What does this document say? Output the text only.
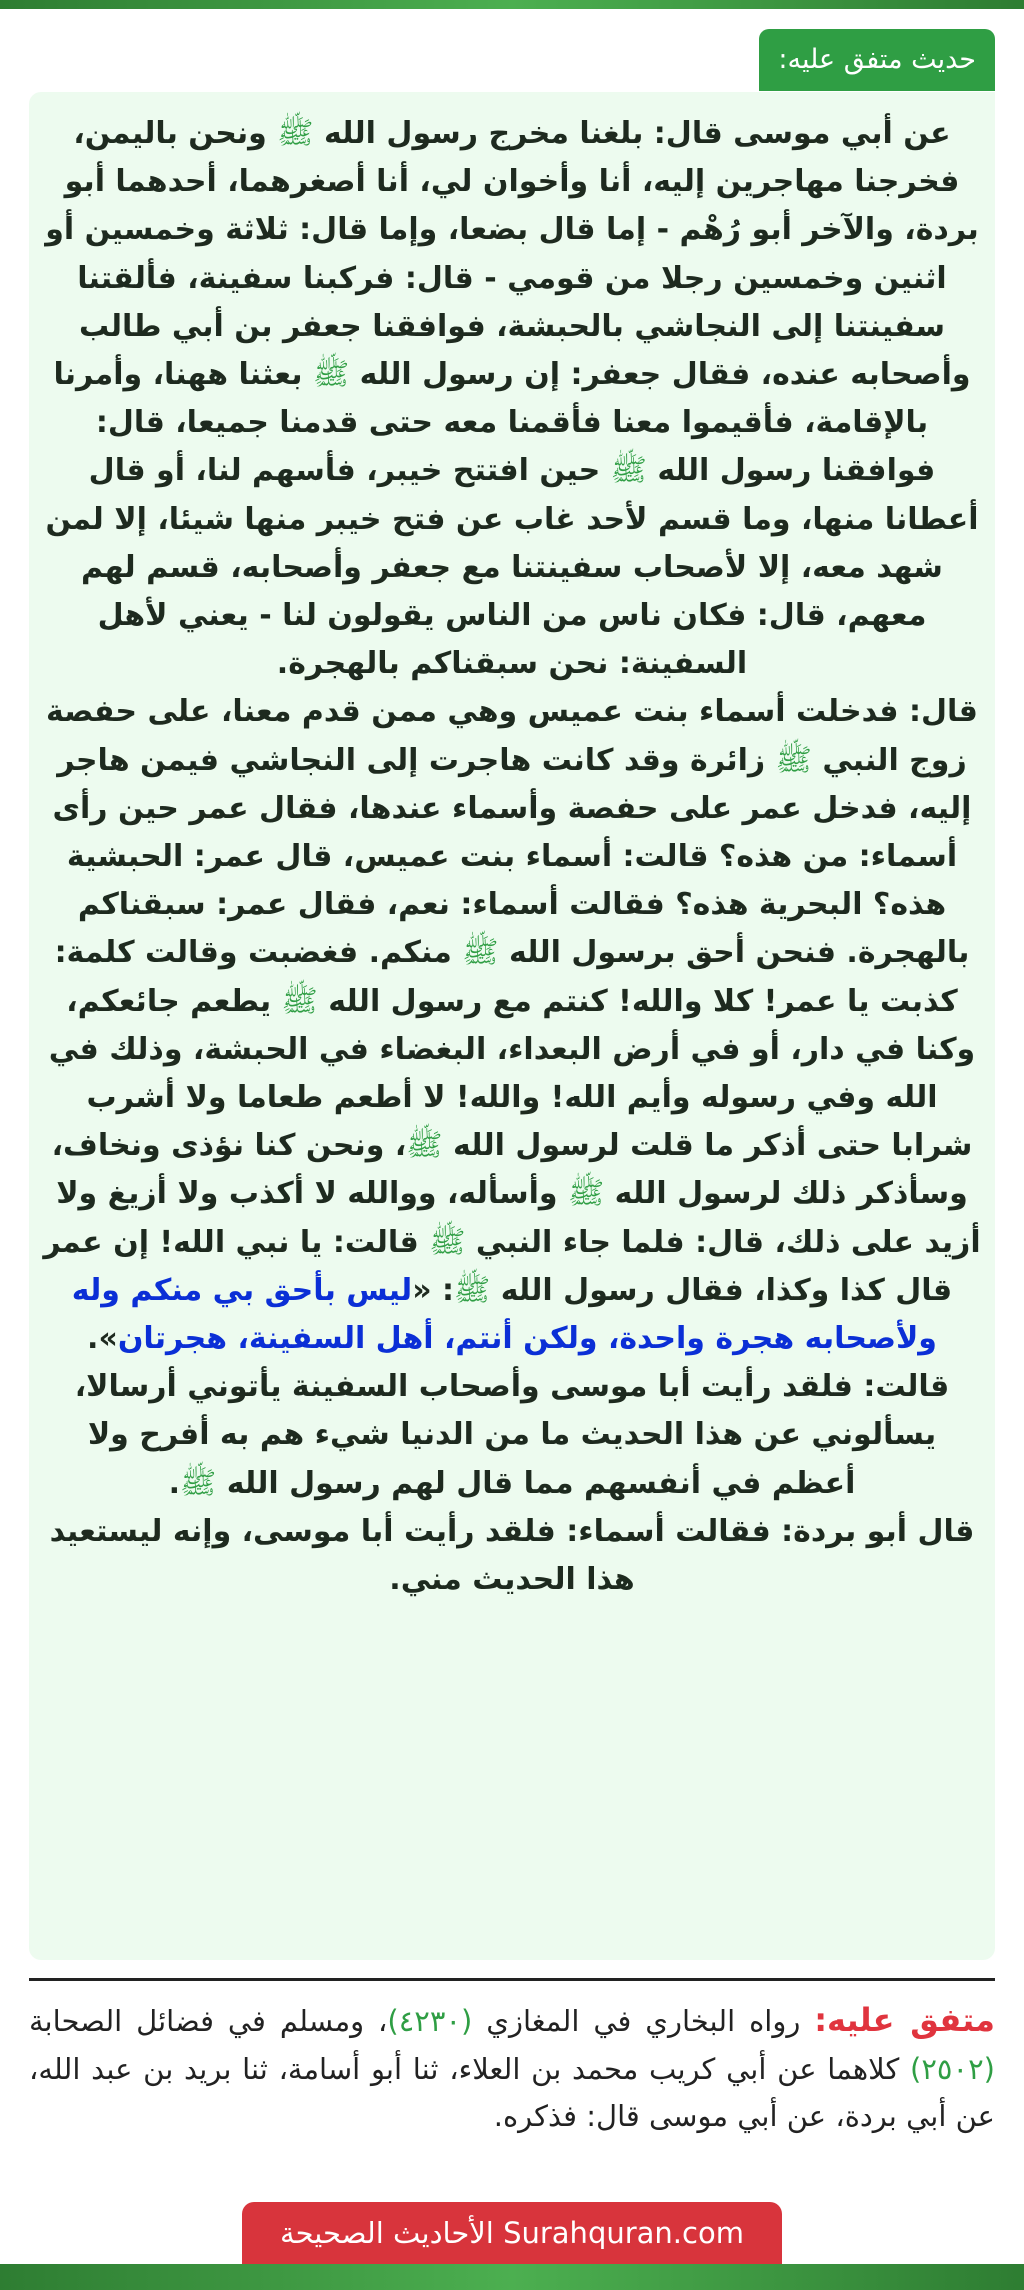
حديث متفق عليه:

عن أبي موسى قال: بلغنا مخرج رسول الله ﷺ ونحن باليمن، فخرجنا مهاجرين إليه، أنا وأخوان لي، أنا أصغرهما، أحدهما أبو بردة، والآخر أبو رُهْم - إما قال بضعا، وإما قال: ثلاثة وخمسين أو اثنين وخمسين رجلا من قومي - قال: فركبنا سفينة، فألقتنا سفينتنا إلى النجاشي بالحبشة، فوافقنا جعفر بن أبي طالب وأصحابه عنده، فقال جعفر: إن رسول الله ﷺ بعثنا ههنا، وأمرنا بالإقامة، فأقيموا معنا فأقمنا معه حتى قدمنا جميعا، قال: فوافقنا رسول الله ﷺ حين افتتح خيبر، فأسهم لنا، أو قال أعطانا منها، وما قسم لأحد غاب عن فتح خيبر منها شيئا، إلا لمن شهد معه، إلا لأصحاب سفينتنا مع جعفر وأصحابه، قسم لهم معهم، قال: فكان ناس من الناس يقولون لنا - يعني لأهل السفينة: نحن سبقناكم بالهجرة.
قال: فدخلت أسماء بنت عميس وهي ممن قدم معنا، على حفصة زوج النبي ﷺ زائرة وقد كانت هاجرت إلى النجاشي فيمن هاجر إليه، فدخل عمر على حفصة وأسماء عندها، فقال عمر حين رأى أسماء: من هذه؟ قالت: أسماء بنت عميس، قال عمر: الحبشية هذه؟ البحرية هذه؟ فقالت أسماء: نعم، فقال عمر: سبقناكم بالهجرة. فنحن أحق برسول الله ﷺ منكم. فغضبت وقالت كلمة: كذبت يا عمر! كلا والله! كنتم مع رسول الله ﷺ يطعم جائعكم، وكنا في دار، أو في أرض البعداء، البغضاء في الحبشة، وذلك في الله وفي رسوله وأيم الله! والله! لا أطعم طعاما ولا أشرب شرابا حتى أذكر ما قلت لرسول الله ﷺ، ونحن كنا نؤذى ونخاف، وسأذكر ذلك لرسول الله ﷺ وأسأله، ووالله لا أكذب ولا أزيغ ولا أزيد على ذلك، قال: فلما جاء النبي ﷺ قالت: يا نبي الله! إن عمر قال كذا وكذا، فقال رسول الله ﷺ: «ليس بأحق بي منكم وله ولأصحابه هجرة واحدة، ولكن أنتم، أهل السفينة، هجرتان».
قالت: فلقد رأيت أبا موسى وأصحاب السفينة يأتوني أرسالا، يسألوني عن هذا الحديث ما من الدنيا شيء هم به أفرح ولا أعظم في أنفسهم مما قال لهم رسول الله ﷺ.
قال أبو بردة: فقالت أسماء: فلقد رأيت أبا موسى، وإنه ليستعيد هذا الحديث مني.

متفق عليه: رواه البخاري في المغازي (٤٢٣٠)، ومسلم في فضائل الصحابة (٢٥٠٢) كلاهما عن أبي كريب محمد بن العلاء، ثنا أبو أسامة، ثنا بريد بن عبد الله، عن أبي بردة، عن أبي موسى قال: فذكره.

الأحاديث الصحيحة Surahquran.com
